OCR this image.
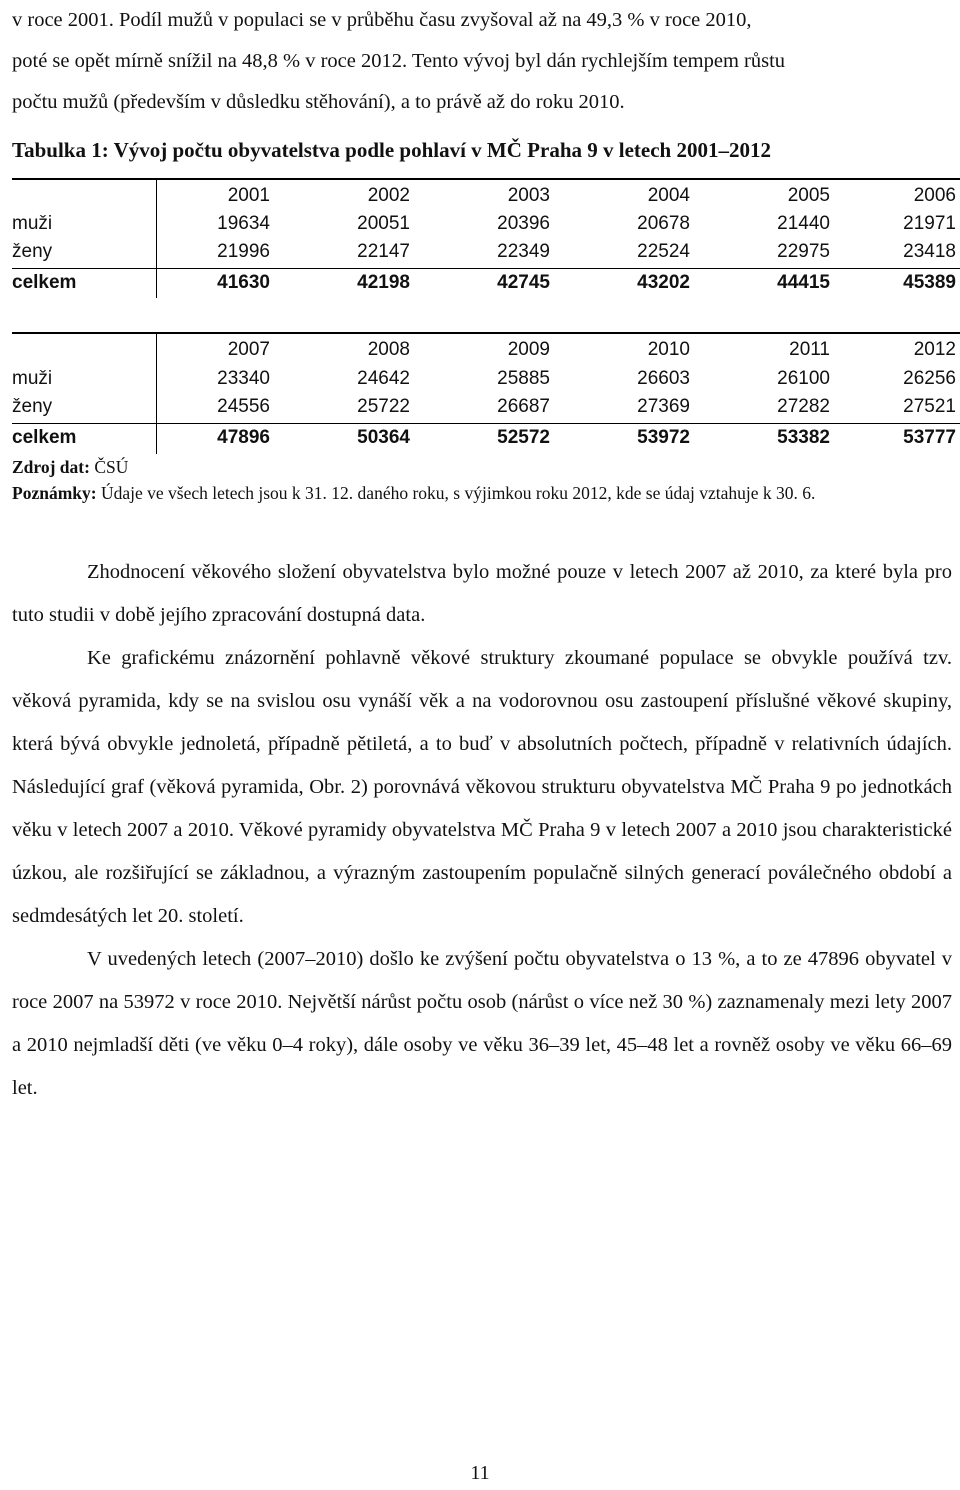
v roce 2001. Podíl mužů v populaci se v průběhu času zvyšoval až na 49,3 % v roce 2010,

poté se opět mírně snížil na 48,8 % v roce 2012. Tento vývoj byl dán rychlejším tempem růstu

počtu mužů (především v důsledku stěhování), a to právě až do roku 2010.

Tabulka 1: Vývoj počtu obyvatelstva podle pohlaví v MČ Praha 9 v letech 2001–2012
2001	2002	2003	2004	2005	2006
muži	19634	20051	20396	20678	21440	21971
ženy	21996	22147	22349	22524	22975	23418
celkem	41630	42198	42745	43202	44415	45389
2007	2008	2009	2010	2011	2012
muži	23340	24642	25885	26603	26100	26256
ženy	24556	25722	26687	27369	27282	27521
celkem	47896	50364	52572	53972	53382	53777
Zdroj dat: ČSÚ
Poznámky: Údaje ve všech letech jsou k 31. 12. daného roku, s výjimkou roku 2012, kde se údaj vztahuje k 30. 6.

Zhodnocení věkového složení obyvatelstva bylo možné pouze v letech 2007 až 2010, za které byla pro tuto studii v době jejího zpracování dostupná data.

Ke grafickému znázornění pohlavně věkové struktury zkoumané populace se obvykle používá tzv. věková pyramida, kdy se na svislou osu vynáší věk a na vodorovnou osu zastoupení příslušné věkové skupiny, která bývá obvykle jednoletá, případně pětiletá, a to buď v absolutních počtech, případně v relativních údajích. Následující graf (věková pyramida, Obr. 2) porovnává věkovou strukturu obyvatelstva MČ Praha 9 po jednotkách věku v letech 2007 a 2010. Věkové pyramidy obyvatelstva MČ Praha 9 v letech 2007 a 2010 jsou charakteristické úzkou, ale rozšiřující se základnou, a výrazným zastoupením populačně silných generací poválečného období a sedmdesátých let 20. století.

V uvedených letech (2007–2010) došlo ke zvýšení počtu obyvatelstva o 13 %, a to ze 47896 obyvatel v roce 2007 na 53972 v roce 2010. Největší nárůst počtu osob (nárůst o více než 30 %) zaznamenaly mezi lety 2007 a 2010 nejmladší děti (ve věku 0–4 roky), dále osoby ve věku 36–39 let, 45–48 let a rovněž osoby ve věku 66–69 let.

11
